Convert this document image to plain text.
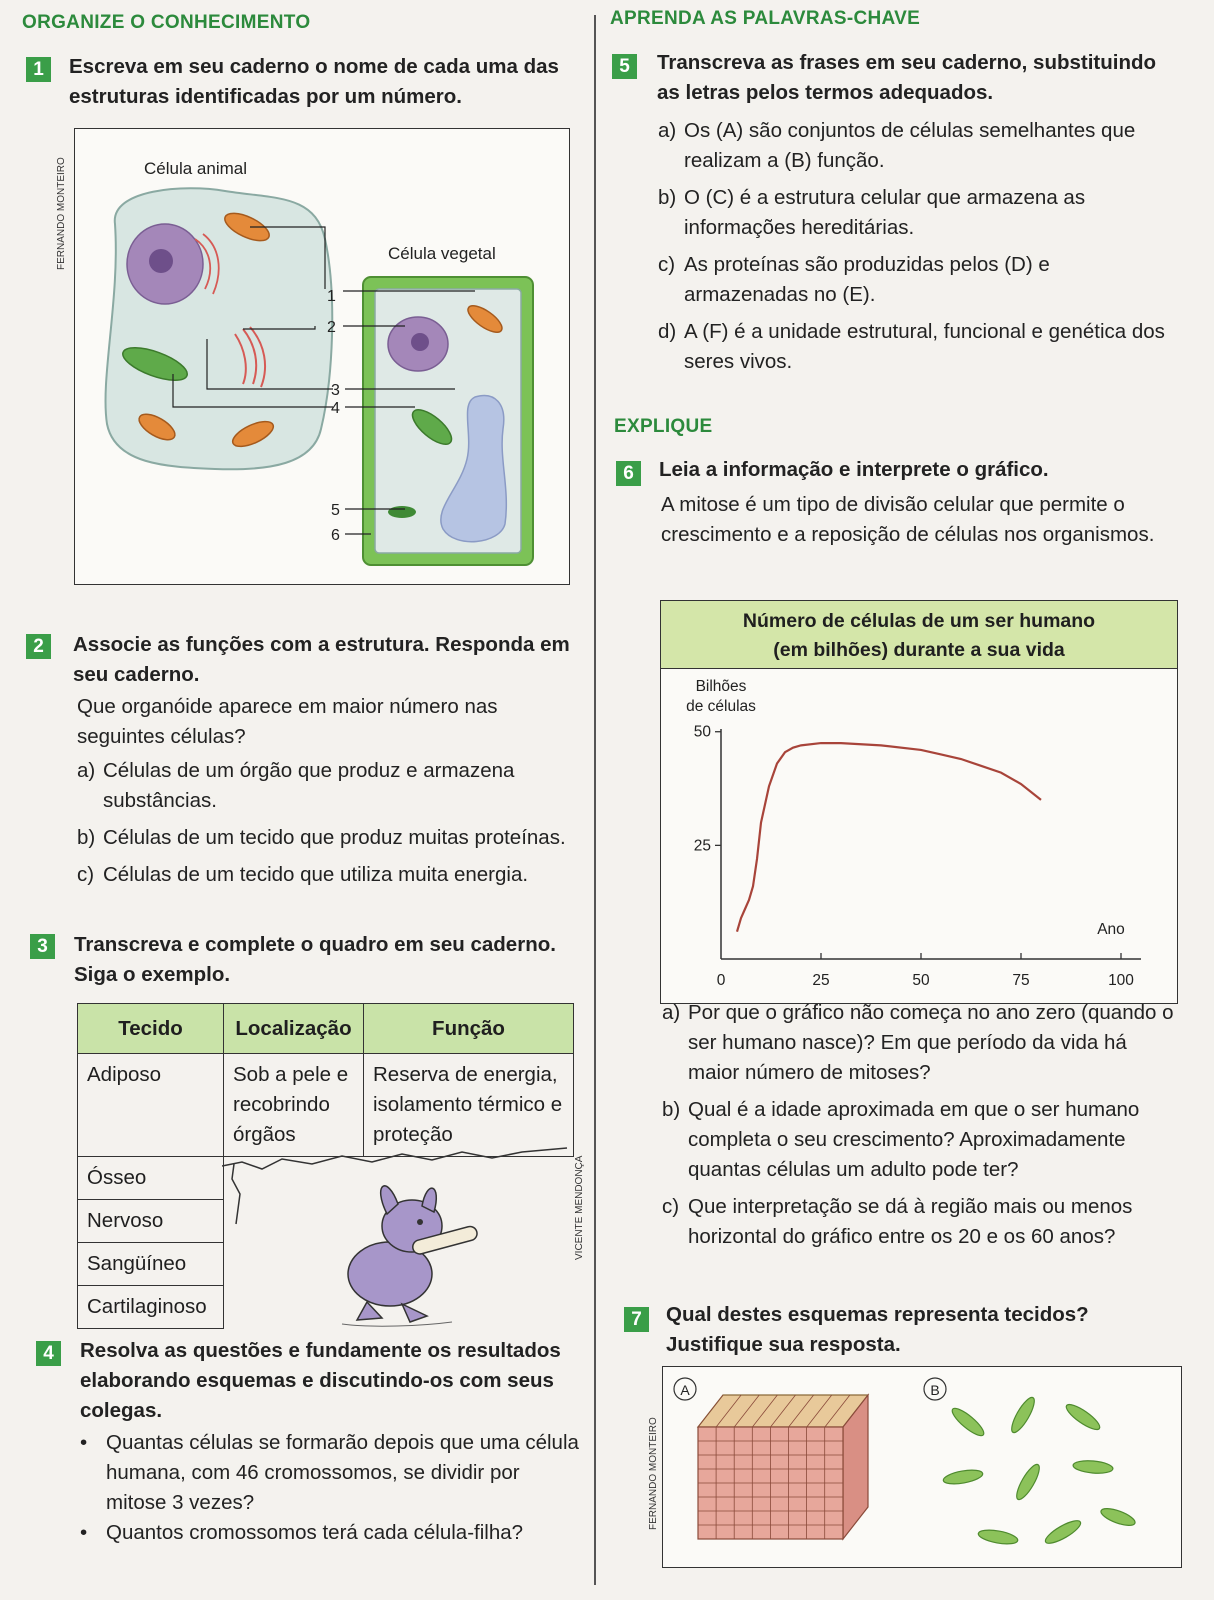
ORGANIZE O CONHECIMENTO
1	Escreva em seu caderno o nome de cada uma das estruturas identificadas por um número.
Célula animal
Célula vegetal
1
2
3
4
5
6
FERNANDO MONTEIRO
2	Associe as funções com a estrutura. Responda em seu caderno.
Que organóide aparece em maior número nas seguintes células?
a) Células de um órgão que produz e armazena substâncias.
b) Células de um tecido que produz muitas proteínas.
c) Células de um tecido que utiliza muita energia.
3	Transcreva e complete o quadro em seu caderno. Siga o exemplo.
Tecido	Localização	Função
Adiposo	Sob a pele e recobrindo órgãos	Reserva de energia, isolamento térmico e proteção
Ósseo		
Nervoso		
Sangüíneo		
Cartilaginoso		
VICENTE MENDONÇA
4	Resolva as questões e fundamente os resultados elaborando esquemas e discutindo-os com seus colegas.
• Quantas células se formarão depois que uma célula humana, com 46 cromossomos, se dividir por mitose 3 vezes?
• Quantos cromossomos terá cada célula-filha?
APRENDA AS PALAVRAS-CHAVE
5	Transcreva as frases em seu caderno, substituindo as letras pelos termos adequados.
a) Os (A) são conjuntos de células semelhantes que realizam a (B) função.
b) O (C) é a estrutura celular que armazena as informações hereditárias.
c) As proteínas são produzidas pelos (D) e armazenadas no (E).
d) A (F) é a unidade estrutural, funcional e genética dos seres vivos.
EXPLIQUE
6	Leia a informação e interprete o gráfico.
A mitose é um tipo de divisão celular que permite o crescimento e a reposição de células nos organismos.
Número de células de um ser humano
(em bilhões) durante a sua vida
Bilhões
de células
Ano
0	25	50	75	100
25
50
a) Por que o gráfico não começa no ano zero (quando o ser humano nasce)? Em que período da vida há maior número de mitoses?
b) Qual é a idade aproximada em que o ser humano completa o seu crescimento? Aproximadamente quantas células um adulto pode ter?
c) Que interpretação se dá à região mais ou menos horizontal do gráfico entre os 20 e os 60 anos?
7	Qual destes esquemas representa tecidos? Justifique sua resposta.
A	B
FERNANDO MONTEIRO
